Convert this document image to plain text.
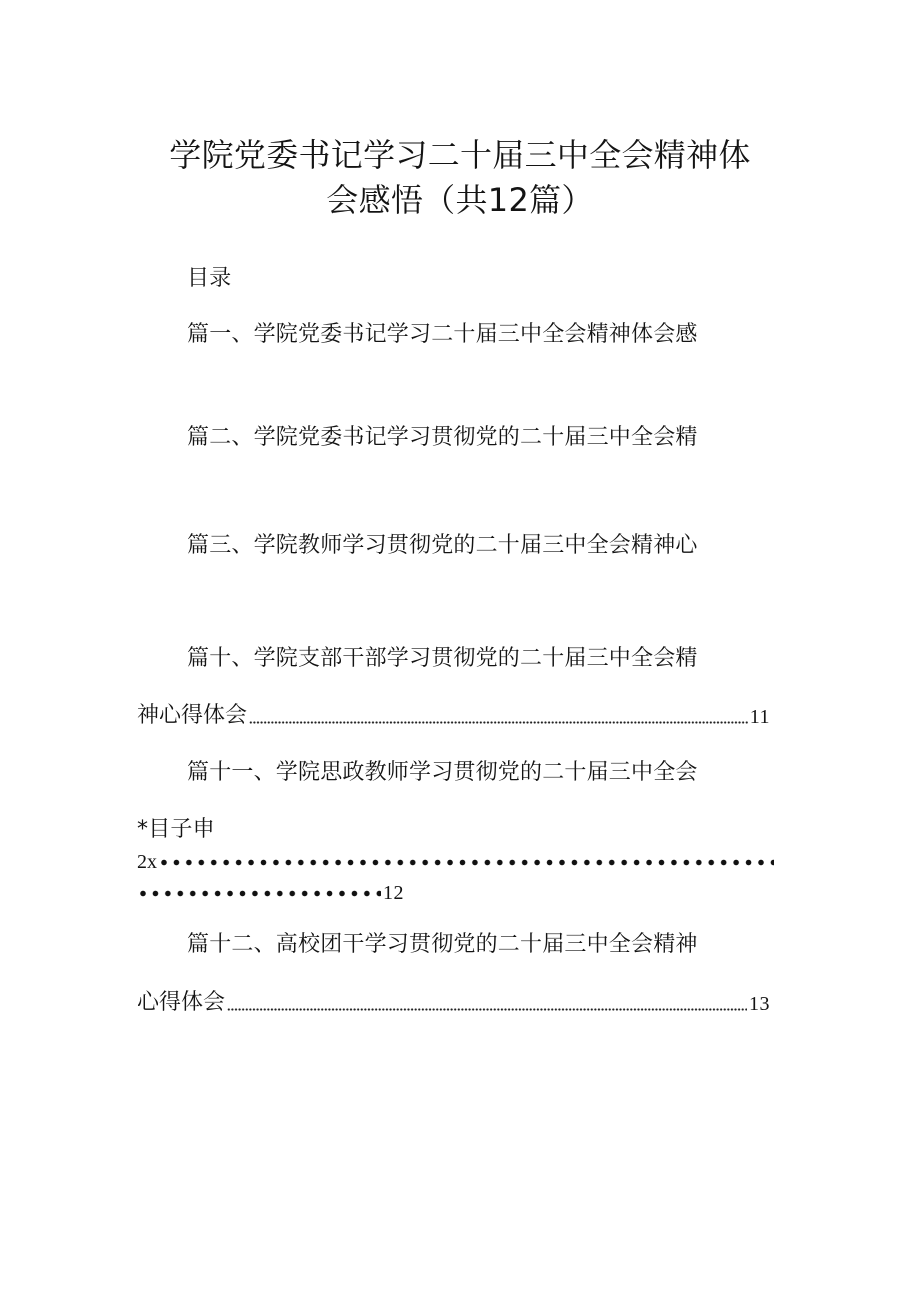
学院党委书记学习二十届三中全会精神体
会感悟（共12篇）
目录
篇一、学院党委书记学习二十届三中全会精神体会感
篇二、学院党委书记学习贯彻党的二十届三中全会精
篇三、学院教师学习贯彻党的二十届三中全会精神心
篇十、学院支部干部学习贯彻党的二十届三中全会精
神心得体会	11
篇十一、学院思政教师学习贯彻党的二十届三中全会
*目子申
2x
12
篇十二、高校团干学习贯彻党的二十届三中全会精神
心得体会	13
